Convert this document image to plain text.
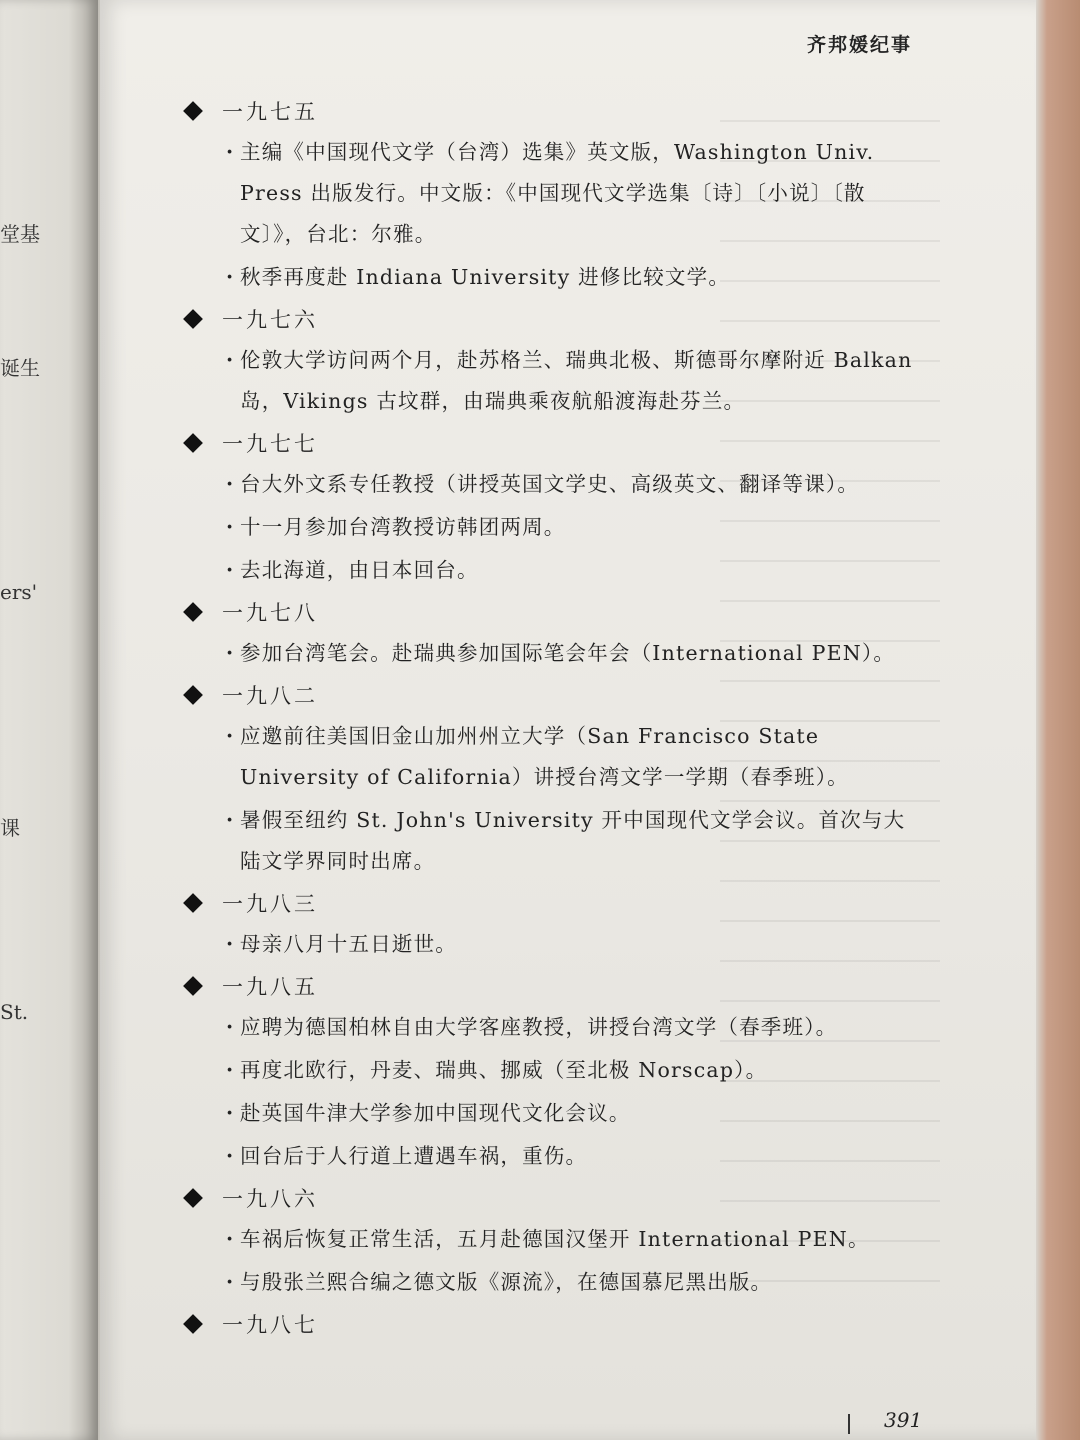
堂基
诞生
ers'
课
St.
齐邦媛纪事
一九七五
· 主编《中国现代文学（台湾）选集》英文版，Washington Univ. Press 出版发行。中文版：《中国现代文学选集〔诗〕〔小说〕〔散文〕》，台北：尔雅。
· 秋季再度赴 Indiana University 进修比较文学。
一九七六
· 伦敦大学访问两个月，赴苏格兰、瑞典北极、斯德哥尔摩附近 Balkan 岛，Vikings 古坟群，由瑞典乘夜航船渡海赴芬兰。
一九七七
· 台大外文系专任教授（讲授英国文学史、高级英文、翻译等课）。
· 十一月参加台湾教授访韩团两周。
· 去北海道，由日本回台。
一九七八
· 参加台湾笔会。赴瑞典参加国际笔会年会（International PEN）。
一九八二
· 应邀前往美国旧金山加州州立大学（San Francisco State University of California）讲授台湾文学一学期（春季班）。
· 暑假至纽约 St. John's University 开中国现代文学会议。首次与大陆文学界同时出席。
一九八三
· 母亲八月十五日逝世。
一九八五
· 应聘为德国柏林自由大学客座教授，讲授台湾文学（春季班）。
· 再度北欧行，丹麦、瑞典、挪威（至北极 Norscap）。
· 赴英国牛津大学参加中国现代文化会议。
· 回台后于人行道上遭遇车祸，重伤。
一九八六
· 车祸后恢复正常生活，五月赴德国汉堡开 International PEN。
· 与殷张兰熙合编之德文版《源流》，在德国慕尼黑出版。
一九八七
391
